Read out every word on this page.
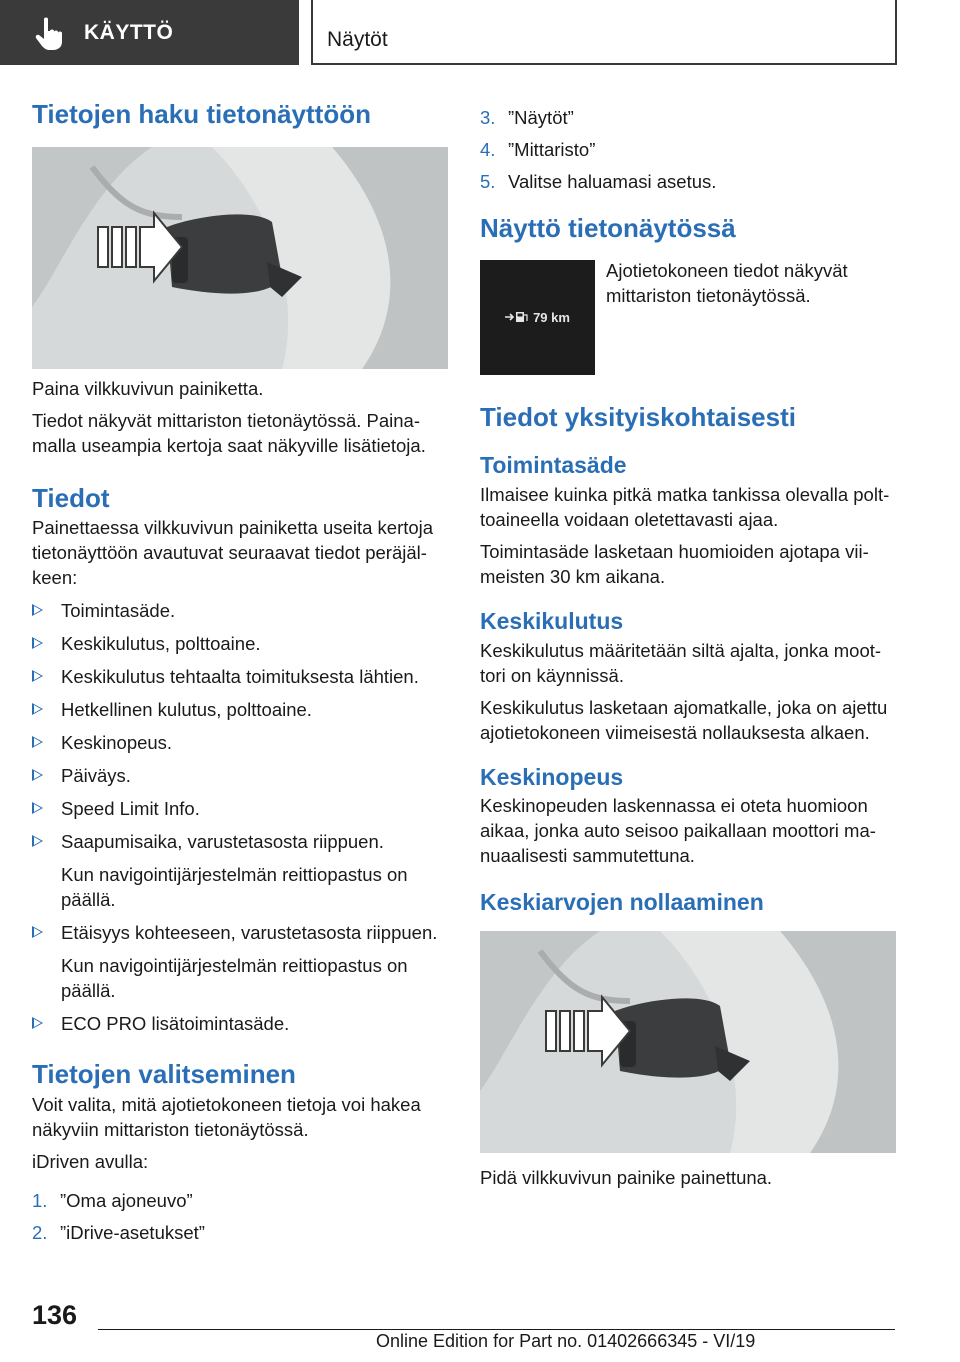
KÄYTTÖ	Näytöt
Tietojen haku tietonäyttöön

Paina vilkkuvivun painiketta.

Tiedot näkyvät mittariston tietonäytössä. Paina-

malla useampia kertoja saat näkyville lisätietoja.

Tiedot

Painettaessa vilkkuvivun painiketta useita kertoja

tietonäyttöön avautuvat seuraavat tiedot peräjäl-

keen:

Toimintasäde.
Keskikulutus, polttoaine.
Keskikulutus tehtaalta toimituksesta lähtien.
Hetkellinen kulutus, polttoaine.
Keskinopeus.
Päiväys.
Speed Limit Info.
Saapumisaika, varustetasosta riippuen.
Kun navigointijärjestelmän reittiopastus on
päällä.
Etäisyys kohteeseen, varustetasosta riippuen.
Kun navigointijärjestelmän reittiopastus on
päällä.
ECO PRO lisätoimintasäde.
Tietojen valitseminen

Voit valita, mitä ajotietokoneen tietoja voi hakea

näkyviin mittariston tietonäytössä.

iDriven avulla:

1. ”Oma ajoneuvo”
2. ”iDrive-asetukset”
3. ”Näytöt”
4. ”Mittaristo”
5. Valitse haluamasi asetus.
Näyttö tietonäytössä
79 km

Ajotietokoneen tiedot näkyvät

mittariston tietonäytössä.

Tiedot yksityiskohtaisesti
Toimintasäde

Ilmaisee kuinka pitkä matka tankissa olevalla polt-

toaineella voidaan oletettavasti ajaa.

Toimintasäde lasketaan huomioiden ajotapa vii-

meisten 30 km aikana.

Keskikulutus

Keskikulutus määritetään siltä ajalta, jonka moot-

tori on käynnissä.

Keskikulutus lasketaan ajomatkalle, joka on ajettu

ajotietokoneen viimeisestä nollauksesta alkaen.

Keskinopeus

Keskinopeuden laskennassa ei oteta huomioon

aikaa, jonka auto seisoo paikallaan moottori ma-

nuaalisesti sammutettuna.

Keskiarvojen nollaaminen

Pidä vilkkuvivun painike painettuna.

136
Online Edition for Part no. 01402666345 - VI/19
